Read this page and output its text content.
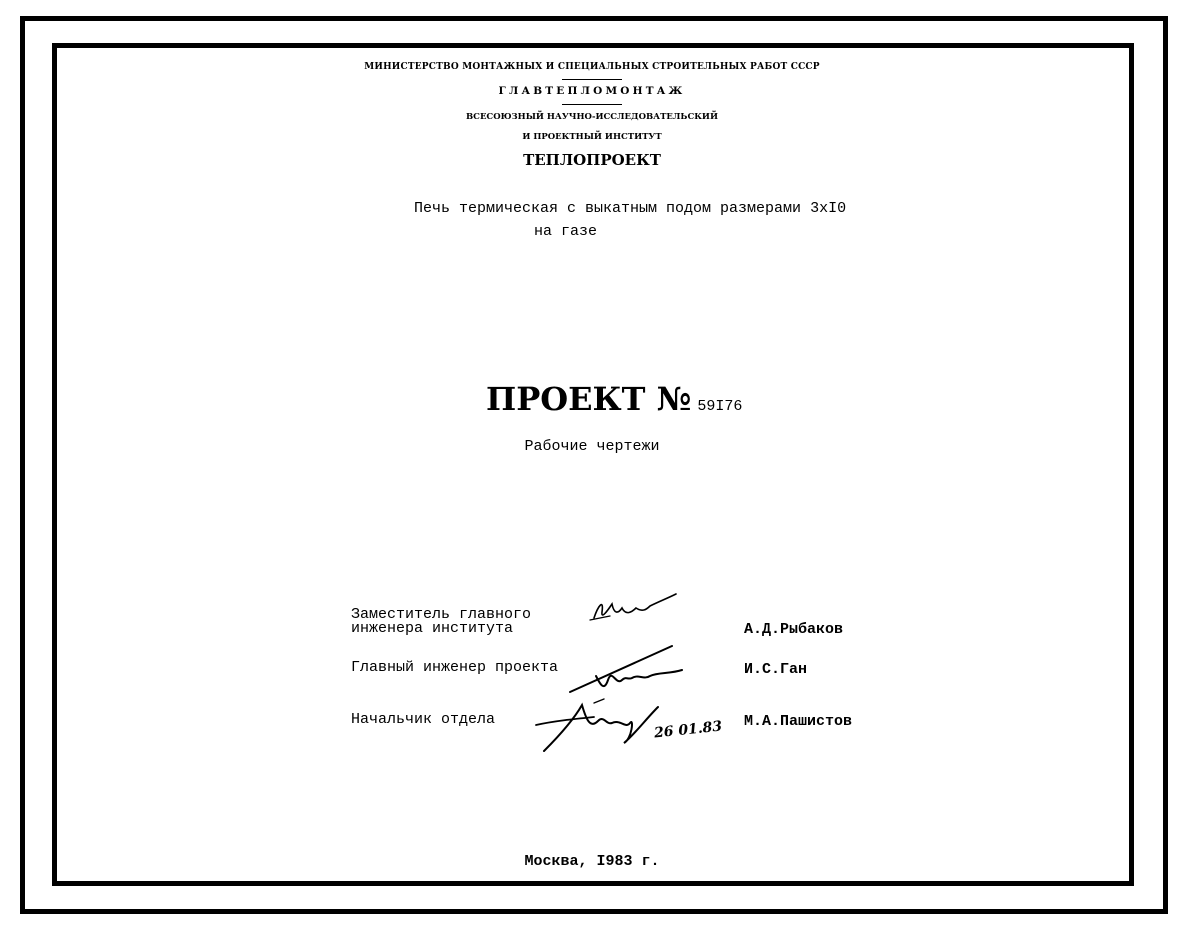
МИНИСТЕРСТВО МОНТАЖНЫХ И СПЕЦИАЛЬНЫХ СТРОИТЕЛЬНЫХ РАБОТ СССР
ГЛАВТЕПЛОМОНТАЖ
ВСЕСОЮЗНЫЙ НАУЧНО-ИССЛЕДОВАТЕЛЬСКИЙ
И ПРОЕКТНЫЙ ИНСТИТУТ
ТЕПЛОПРОЕКТ
Печь термическая с выкатным подом размерами 3хI0
на газе
ПРОЕКТ № 59I76
Рабочие чертежи
Заместитель главного
инженера института	А.Д.Рыбаков
Главный инженер проекта	И.С.Ган
Начальчик отдела	М.А.Пашистов
26 01.83
Москва, I983 г.
